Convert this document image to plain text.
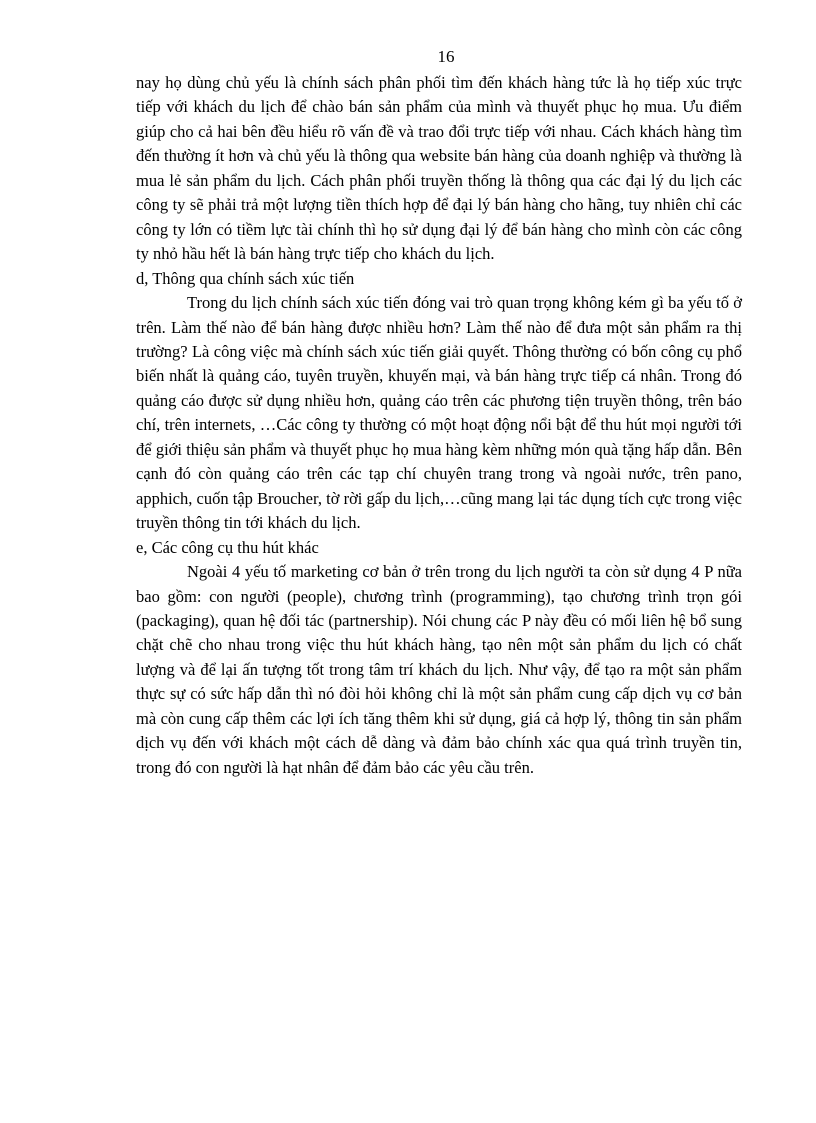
16

nay họ dùng chủ yếu là chính sách phân phối tìm đến khách hàng tức là họ tiếp xúc trực tiếp với khách du lịch để chào bán sản phẩm của mình và thuyết phục họ mua. Ưu điểm giúp cho cả hai bên đều hiểu rõ vấn đề và trao đổi trực tiếp với nhau. Cách khách hàng tìm đến thường ít hơn và chủ yếu là thông qua website bán hàng của doanh nghiệp và thường là mua lẻ sản phẩm du lịch. Cách phân phối truyền thống là thông qua các đại lý du lịch các công ty sẽ phải trả một lượng tiền thích hợp để đại lý bán hàng cho hãng, tuy nhiên chỉ các công ty lớn có tiềm lực tài chính thì họ sử dụng đại lý để bán hàng cho mình còn các công ty nhỏ hầu hết là bán hàng trực tiếp cho khách du lịch.

d, Thông qua chính sách xúc tiến

Trong du lịch chính sách xúc tiến đóng vai trò quan trọng không kém gì ba yếu tố ở trên. Làm thế nào để bán hàng được nhiều hơn? Làm thế nào để đưa một sản phẩm ra thị trường? Là công việc mà chính sách xúc tiến giải quyết. Thông thường có bốn công cụ phổ biến nhất là quảng cáo, tuyên truyền, khuyến mại, và bán hàng trực tiếp cá nhân. Trong đó quảng cáo được sử dụng nhiều hơn, quảng cáo trên các phương tiện truyền thông, trên báo chí, trên internets, …Các công ty thường có một hoạt động nổi bật để thu hút mọi người tới để giới thiệu sản phẩm và thuyết phục họ mua hàng kèm những món quà tặng hấp dẫn. Bên cạnh đó còn quảng cáo trên các tạp chí chuyên trang trong và ngoài nước, trên pano, apphich, cuốn tập Broucher, tờ rời gấp du lịch,…cũng mang lại tác dụng tích cực trong việc truyền thông tin tới khách du lịch.

e, Các công cụ thu hút khác

Ngoài 4 yếu tố marketing cơ bản ở trên trong du lịch người ta còn sử dụng 4 P nữa bao gồm: con người (people), chương trình (programming), tạo chương trình trọn gói (packaging), quan hệ đối tác (partnership). Nói chung các P này đều có mối liên hệ bổ sung chặt chẽ cho nhau trong việc thu hút khách hàng, tạo nên một sản phẩm du lịch có chất lượng và để lại ấn tượng tốt trong tâm trí khách du lịch. Như vậy, để tạo ra một sản phẩm thực sự có sức hấp dẫn thì nó đòi hỏi không chỉ là một sản phẩm cung cấp dịch vụ cơ bản mà còn cung cấp thêm các lợi ích tăng thêm khi sử dụng, giá cả hợp lý, thông tin sản phẩm dịch vụ đến với khách một cách dễ dàng và đảm bảo chính xác qua quá trình truyền tin, trong đó con người là hạt nhân để đảm bảo các yêu cầu trên.
